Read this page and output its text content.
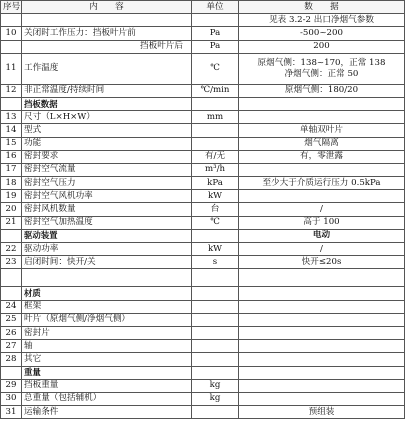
序号	内　　容	单位	数　　据
			见表 3.2-2 出口净烟气参数
10	关闭时工作压力：挡板叶片前	Pa	-500~200
	挡板叶片后	Pa	200
11	工作温度	℃	原烟气侧：138~170，正常 138
净烟气侧：正常 50

12	非正常温度/持续时间	℃/min	原烟气侧：180/20
	挡板数据		
13	尺寸（L×H×W）	mm	
14	型式		单轴双叶片
15	功能		烟气隔离
16	密封要求	有/无	有，零泄露
17	密封空气流量	m³/h	
18	密封空气压力	kPa	至少大于介质运行压力 0.5kPa
19	密封空气风机功率	kW	
20	密封风机数量	台	/
21	密封空气加热温度	℃	高于 100
	驱动装置		电动
22	驱动功率	kW	/
23	启闭时间：快开/关	s	快开≤20s

	材质		
24	框架		
25	叶片（原烟气侧/净烟气侧）		
26	密封片		
27	轴		
28	其它		
	重量		
29	挡板重量	kg	
30	总重量（包括辅机）	kg	
31	运输条件		预组装
